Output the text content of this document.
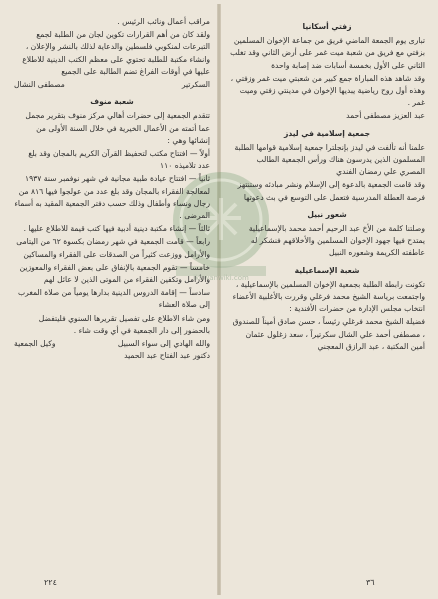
ikhwanwiki.com

مراقب أعمال ونائب الرئيس .

ولقد كان من أهم القرارات تكوين لجان من الطلبة لجمع التبرعات لمنكوبي فلسطين والدعاية لذلك بالنشر والإعلان ، وانشاء مكتبة للطلبة تحتوي على معظم الكتب الدينية للاطلاع عليها في أوقات الفراغ تضم الطالبة على الجميع

السكرتير
مصطفى النشال

شعبة منوف

تتقدم الجمعية إلى حضرات أهالي مركز منوف بتقرير مجمل عما أتمته من الأعمال الخيرية في خلال السنة الأولى من إنشائها وهي :

أولاً — افتتاح مكتب لتحفيظ القرآن الكريم بالمجان وقد بلغ عدد تلاميذه ١١٠

ثانياً — افتتاح عيادة طبية مجانية في شهر نوفمبر سنة ١٩٣٧ لمعالجة الفقراء بالمجان وقد بلغ عدد من عولجوا فيها ٨١٦ من رجال ونساء وأطفال وذلك حسب دفتر الجمعية المقيد به أسماء المرضى .

ثالثاً — إنشاء مكتبة دينية أدبية فيها كتب قيمة للاطلاع عليها .

رابعاً — قامت الجمعية في شهر رمضان بكسوة ٦٢ من اليتامى والأرامل ووزعت كثيراً من الصدقات على الفقراء والمساكين

خامساً — تقوم الجمعية بالإنفاق على بعض الفقراء والمعوزين والأرامل وتكفين الفقراء من الموتى الذين لا عائل لهم

سادساً — إقامة الدروس الدينية بدارها يومياً من صلاة المغرب إلى صلاة العشاء

ومن شاء الاطلاع على تفصيل تقريرها السنوي فليتفضل بالحضور إلى دار الجمعية في أي وقت شاء .

والله الهادي إلى سواء السبيل
وكيل الجمعية

دكتور عبد الفتاح عبد الحميد

٢٢٤

زفتي أسكانيا

تبارى يوم الجمعة الماضي فريق من جماعة الإخوان المسلمين بزفتي مع فريق من شعبة ميت غمر على أرض الثاني وقد تغلب الثاني على الأول بخمسة أسابات ضد إصابة واحدة

وقد شاهد هذه المباراة جمع كبير من شعبتي ميت غمر وزفتي ، وهذه أول روح رياضية يبديها الإخوان في مدينتي زفتي وميت غمر .

عبد العزيز مصطفى أحمد

جمعية إسلامية في ليدز

علمنا أنه تألفت في ليدز بإنجلترا جمعية إسلامية قوامها الطلبة المسلمون الذين يدرسون هناك ورأس الجمعية الطالب المصري علي رمضان الفندي

وقد قامت الجمعية بالدعوة إلى الإسلام ونشر مبادئه وستنتهز فرصة العطلة المدرسية فتعمل على التوسع في بث دعوتها

شعور نبيل

وصلتنا كلمة من الأخ عبد الرحيم أحمد محمد بالإسماعيلية يمتدح فيها جهود الإخوان المسلمين والأخلاقهم فنشكر له عاطفته الكريمة وشعوره النبيل

شعبة الإسماعيلية

تكونت رابطة الطلبة بجمعية الإخوان المسلمين بالإسماعيلية ، واجتمعت برياسة الشيخ محمد فرغلي وقررت بالأغلبية الأعضاء انتخاب مجلس الإدارة من حضرات الأفندية :

فضيلة الشيخ محمد فرغلي رئيساً ، حسن صادق أميناً للصندوق ، مصطفى أحمد علي الشال سكرتيراً ، سعد زغلول عثمان أمين المكتبة ، عبد الرازق المعجني

٣٦
